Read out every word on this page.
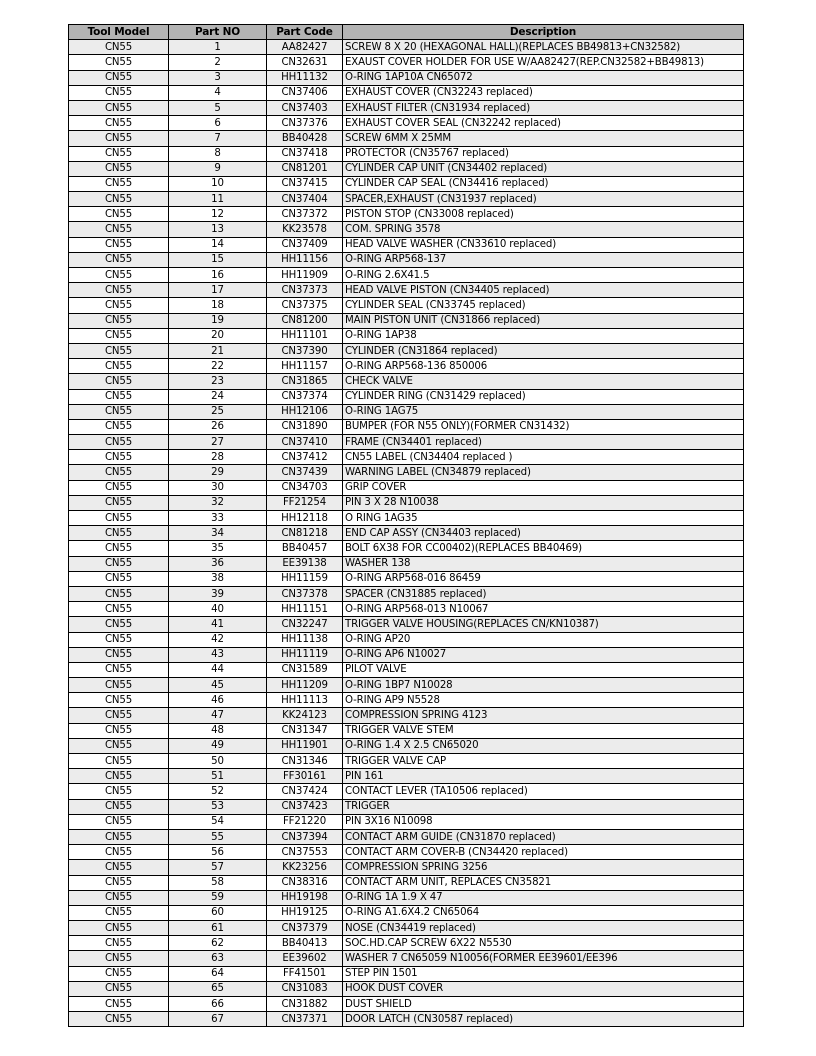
Tool Model	Part NO	Part Code	Description
CN55	1	AA82427	SCREW 8 X 20 (HEXAGONAL HALL)(REPLACES BB49813+CN32582)
CN55	2	CN32631	EXAUST COVER HOLDER FOR USE W/AA82427(REP.CN32582+BB49813)
CN55	3	HH11132	O-RING 1AP10A CN65072
CN55	4	CN37406	EXHAUST COVER (CN32243 replaced)
CN55	5	CN37403	EXHAUST FILTER (CN31934 replaced)
CN55	6	CN37376	EXHAUST COVER SEAL (CN32242 replaced)
CN55	7	BB40428	SCREW 6MM X 25MM
CN55	8	CN37418	PROTECTOR (CN35767 replaced)
CN55	9	CN81201	CYLINDER CAP UNIT (CN34402 replaced)
CN55	10	CN37415	CYLINDER CAP SEAL (CN34416 replaced)
CN55	11	CN37404	SPACER,EXHAUST (CN31937 replaced)
CN55	12	CN37372	PISTON STOP (CN33008 replaced)
CN55	13	KK23578	COM. SPRING 3578
CN55	14	CN37409	HEAD VALVE WASHER (CN33610 replaced)
CN55	15	HH11156	O-RING ARP568-137
CN55	16	HH11909	O-RING 2.6X41.5
CN55	17	CN37373	HEAD VALVE PISTON (CN34405 replaced)
CN55	18	CN37375	CYLINDER SEAL (CN33745 replaced)
CN55	19	CN81200	MAIN PISTON UNIT (CN31866 replaced)
CN55	20	HH11101	O-RING 1AP38
CN55	21	CN37390	CYLINDER (CN31864 replaced)
CN55	22	HH11157	O-RING ARP568-136 850006
CN55	23	CN31865	CHECK VALVE
CN55	24	CN37374	CYLINDER RING (CN31429 replaced)
CN55	25	HH12106	O-RING 1AG75
CN55	26	CN31890	BUMPER (FOR N55 ONLY)(FORMER CN31432)
CN55	27	CN37410	FRAME (CN34401 replaced)
CN55	28	CN37412	CN55 LABEL (CN34404 replaced )
CN55	29	CN37439	WARNING LABEL (CN34879 replaced)
CN55	30	CN34703	GRIP COVER
CN55	32	FF21254	PIN 3 X 28 N10038
CN55	33	HH12118	O RING 1AG35
CN55	34	CN81218	END CAP ASSY (CN34403 replaced)
CN55	35	BB40457	BOLT 6X38 FOR CC00402)(REPLACES BB40469)
CN55	36	EE39138	WASHER 138
CN55	38	HH11159	O-RING ARP568-016 86459
CN55	39	CN37378	SPACER (CN31885 replaced)
CN55	40	HH11151	O-RING ARP568-013 N10067
CN55	41	CN32247	TRIGGER VALVE HOUSING(REPLACES CN/KN10387)
CN55	42	HH11138	O-RING AP20
CN55	43	HH11119	O-RING AP6 N10027
CN55	44	CN31589	PILOT VALVE
CN55	45	HH11209	O-RING 1BP7 N10028
CN55	46	HH11113	O-RING AP9 N5528
CN55	47	KK24123	COMPRESSION SPRING 4123
CN55	48	CN31347	TRIGGER VALVE STEM
CN55	49	HH11901	O-RING 1.4 X 2.5 CN65020
CN55	50	CN31346	TRIGGER VALVE CAP
CN55	51	FF30161	PIN 161
CN55	52	CN37424	CONTACT LEVER (TA10506 replaced)
CN55	53	CN37423	TRIGGER
CN55	54	FF21220	PIN 3X16 N10098
CN55	55	CN37394	CONTACT ARM GUIDE (CN31870 replaced)
CN55	56	CN37553	CONTACT ARM COVER-B (CN34420 replaced)
CN55	57	KK23256	COMPRESSION SPRING 3256
CN55	58	CN38316	CONTACT ARM UNIT, REPLACES CN35821
CN55	59	HH19198	O-RING 1A 1.9 X 47
CN55	60	HH19125	O-RING A1.6X4.2 CN65064
CN55	61	CN37379	NOSE (CN34419 replaced)
CN55	62	BB40413	SOC.HD.CAP SCREW 6X22 N5530
CN55	63	EE39602	WASHER 7 CN65059 N10056(FORMER EE39601/EE396
CN55	64	FF41501	STEP PIN 1501
CN55	65	CN31083	HOOK DUST COVER
CN55	66	CN31882	DUST SHIELD
CN55	67	CN37371	DOOR LATCH (CN30587 replaced)
